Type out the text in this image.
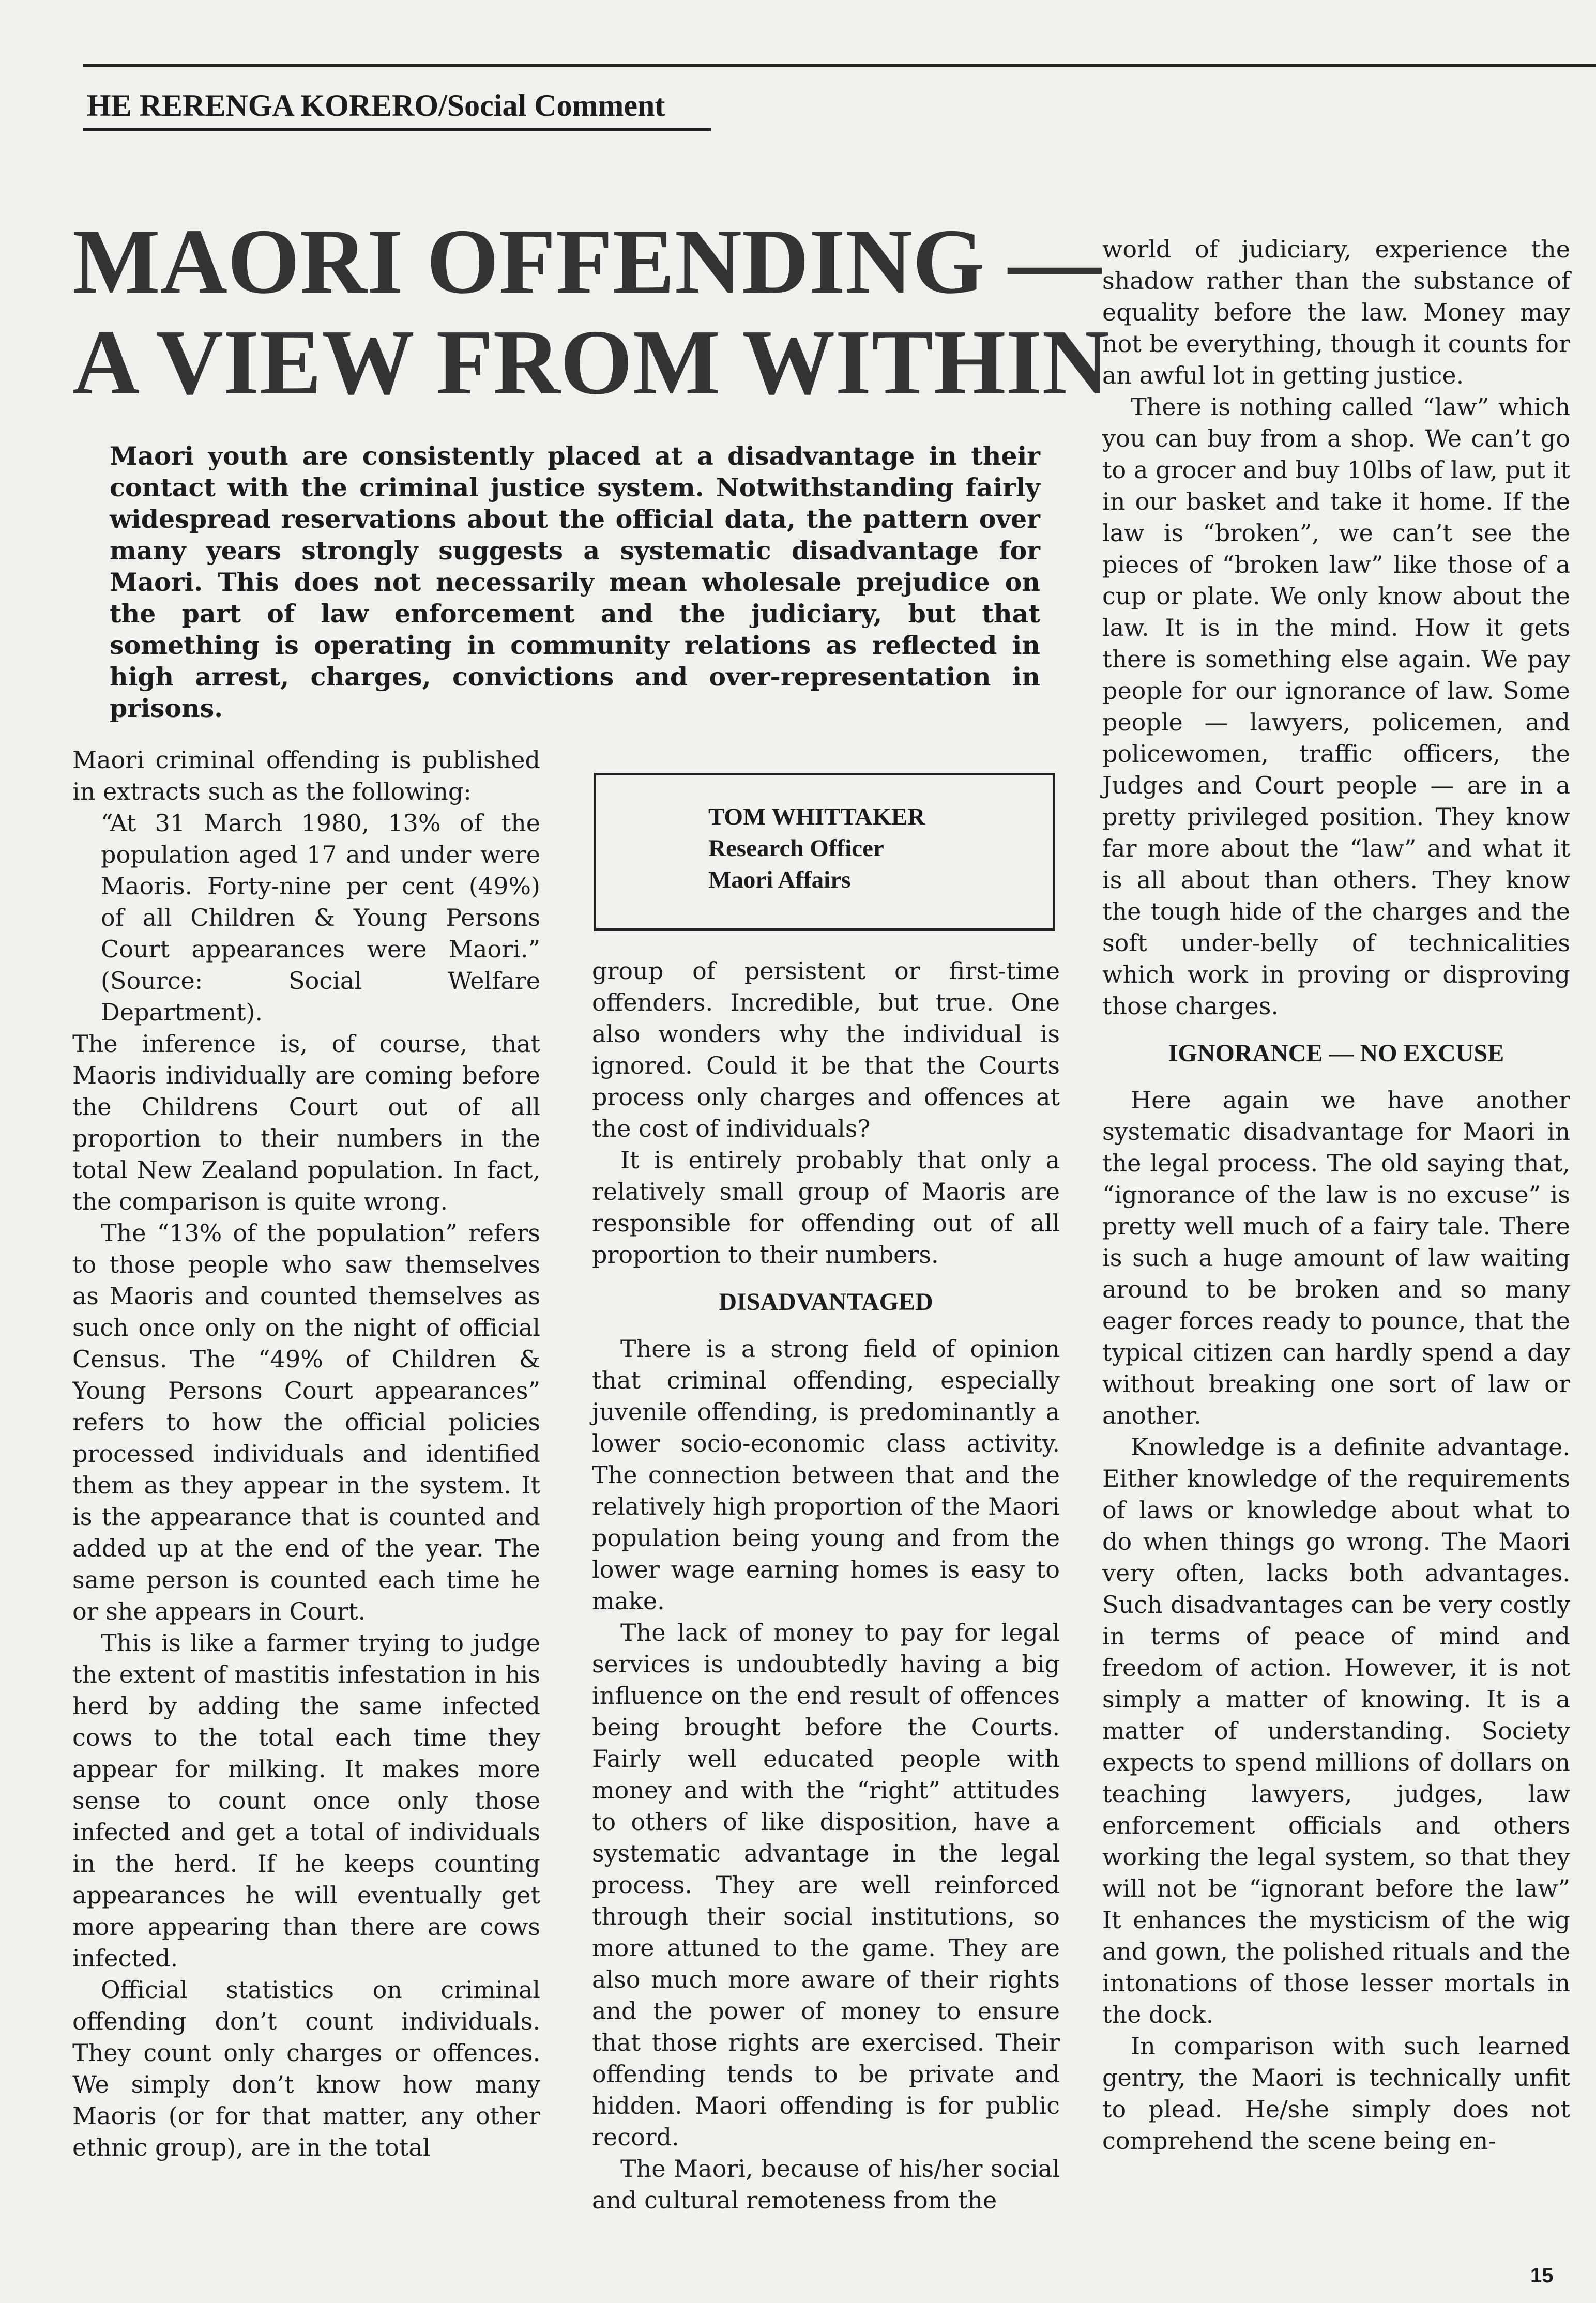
HE RERENGA KORERO/Social Comment
MAORI OFFENDING —
A VIEW FROM WITHIN
Maori youth are consistently placed at a disadvantage in their contact with the criminal justice system. Notwithstanding fairly widespread reservations about the official data, the pattern over many years strongly suggests a systematic disadvantage for Maori. This does not necessarily mean wholesale prejudice on the part of law enforcement and the judiciary, but that something is operating in community relations as reflected in high arrest, charges, convictions and over-representation in prisons.

Maori criminal offending is published in extracts such as the following:

“At 31 March 1980, 13% of the population aged 17 and under were Maoris. Forty-nine per cent (49%) of all Children & Young Persons Court appearances were Maori.” (Source: Social Welfare Department).

The inference is, of course, that Maoris individually are coming before the Childrens Court out of all proportion to their numbers in the total New Zealand population. In fact, the comparison is quite wrong.

The “13% of the population” refers to those people who saw themselves as Maoris and counted themselves as such once only on the night of official Census. The “49% of Children & Young Persons Court appearances” refers to how the official policies processed individuals and identified them as they appear in the system. It is the appearance that is counted and added up at the end of the year. The same person is counted each time he or she appears in Court.

This is like a farmer trying to judge the extent of mastitis infestation in his herd by adding the same infected cows to the total each time they appear for milking. It makes more sense to count once only those infected and get a total of individuals in the herd. If he keeps counting appearances he will eventually get more appearing than there are cows infected.

Official statistics on criminal offending don’t count individuals. They count only charges or offences. We simply don’t know how many Maoris (or for that matter, any other ethnic group), are in the total

TOM WHITTAKER
Research Officer
Maori Affairs

group of persistent or first-time offenders. Incredible, but true. One also wonders why the individual is ignored. Could it be that the Courts process only charges and offences at the cost of individuals?

It is entirely probably that only a relatively small group of Maoris are responsible for offending out of all proportion to their numbers.

DISADVANTAGED

There is a strong field of opinion that criminal offending, especially juvenile offending, is predominantly a lower socio-economic class activity. The connection between that and the relatively high proportion of the Maori population being young and from the lower wage earning homes is easy to make.

The lack of money to pay for legal services is undoubtedly having a big influence on the end result of offences being brought before the Courts. Fairly well educated people with money and with the “right” attitudes to others of like disposition, have a systematic advantage in the legal process. They are well reinforced through their social institutions, so more attuned to the game. They are also much more aware of their rights and the power of money to ensure that those rights are exercised. Their offending tends to be private and hidden. Maori offending is for public record.

The Maori, because of his/her social and cultural remoteness from the

world of judiciary, experience the shadow rather than the substance of equality before the law. Money may not be everything, though it counts for an awful lot in getting justice.

There is nothing called “law” which you can buy from a shop. We can’t go to a grocer and buy 10lbs of law, put it in our basket and take it home. If the law is “broken”, we can’t see the pieces of “broken law” like those of a cup or plate. We only know about the law. It is in the mind. How it gets there is something else again. We pay people for our ignorance of law. Some people — lawyers, policemen, and policewomen, traffic officers, the Judges and Court people — are in a pretty privileged position. They know far more about the “law” and what it is all about than others. They know the tough hide of the charges and the soft under-belly of technicalities which work in proving or disproving those charges.

IGNORANCE — NO EXCUSE

Here again we have another systematic disadvantage for Maori in the legal process. The old saying that, “ignorance of the law is no excuse” is pretty well much of a fairy tale. There is such a huge amount of law waiting around to be broken and so many eager forces ready to pounce, that the typical citizen can hardly spend a day without breaking one sort of law or another.

Knowledge is a definite advantage. Either knowledge of the requirements of laws or knowledge about what to do when things go wrong. The Maori very often, lacks both advantages. Such disadvantages can be very costly in terms of peace of mind and freedom of action. However, it is not simply a matter of knowing. It is a matter of understanding. Society expects to spend millions of dollars on teaching lawyers, judges, law enforcement officials and others working the legal system, so that they will not be “ignorant before the law” It enhances the mysticism of the wig and gown, the polished rituals and the intonations of those lesser mortals in the dock.

In comparison with such learned gentry, the Maori is technically unfit to plead. He/she simply does not comprehend the scene being en-

15
